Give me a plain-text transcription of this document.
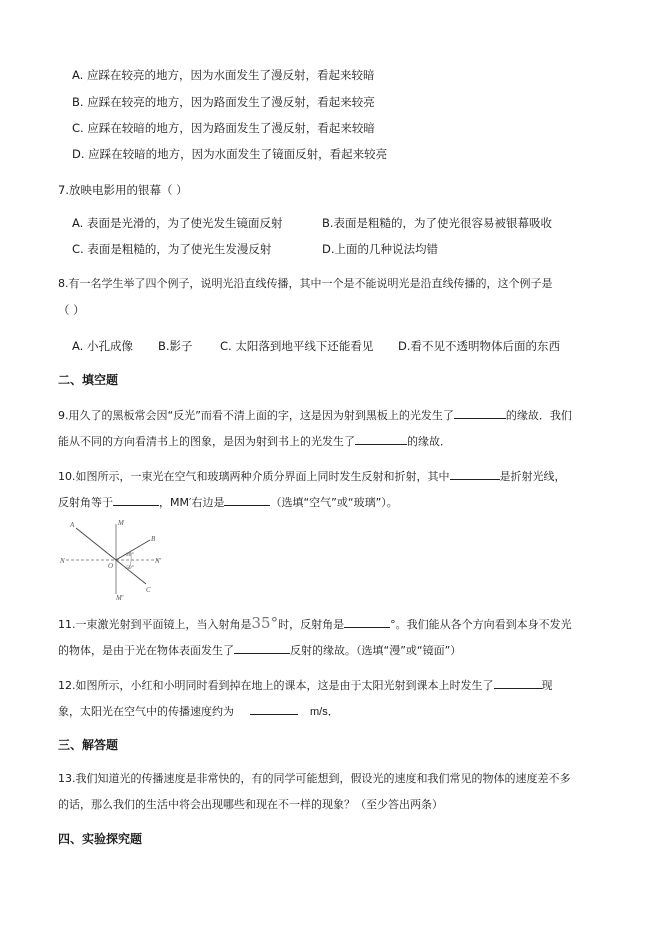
A. 应踩在较亮的地方，因为水面发生了漫反射，看起来较暗
B. 应踩在较亮的地方，因为路面发生了漫反射，看起来较亮
C. 应踩在较暗的地方，因为路面发生了漫反射，看起来较暗
D. 应踩在较暗的地方，因为水面发生了镜面反射，看起来较亮
7.放映电影用的银幕（ ）
A. 表面是光滑的，为了使光发生镜面反射	B.表面是粗糙的，为了使光很容易被银幕吸收
C. 表面是粗糙的，为了使光生发漫反射	D.上面的几种说法均错
8.有一名学生举了四个例子，说明光沿直线传播，其中一个是不能说明光是沿直线传播的，这个例子是
（ ）
A. 小孔成像 B.影子 C. 太阳落到地平线下还能看见 D.看不见不透明物体后面的东西
二、填空题
9.用久了的黑板常会因“反光”而看不清上面的字，这是因为射到黑板上的光发生了	的缘故．我们
能从不同的方向看清书上的图象，是因为射到书上的光发生了	的缘故．
10.如图所示，一束光在空气和玻璃两种介质分界面上同时发生反射和折射，其中	是折射光线，
反射角等于	，MM′右边是	（选填“空气”或“玻璃”）。
A	M
N
O
N′
B
C
M′
30°
50°
11.一束激光射到平面镜上，当入射角是35°时，反射角是	°。我们能从各个方向看到本身不发光
的物体，是由于光在物体表面发生了	反射的缘故。（选填“漫”或“镜面”）
12.如图所示，小红和小明同时看到掉在地上的课本，这是由于太阳光射到课本上时发生了	现
象，太阳光在空气中的传播速度约为	m/s．
三、解答题
13.我们知道光的传播速度是非常快的，有的同学可能想到，假设光的速度和我们常见的物体的速度差不多
的话，那么我们的生活中将会出现哪些和现在不一样的现象？（至少答出两条）
四、实验探究题
